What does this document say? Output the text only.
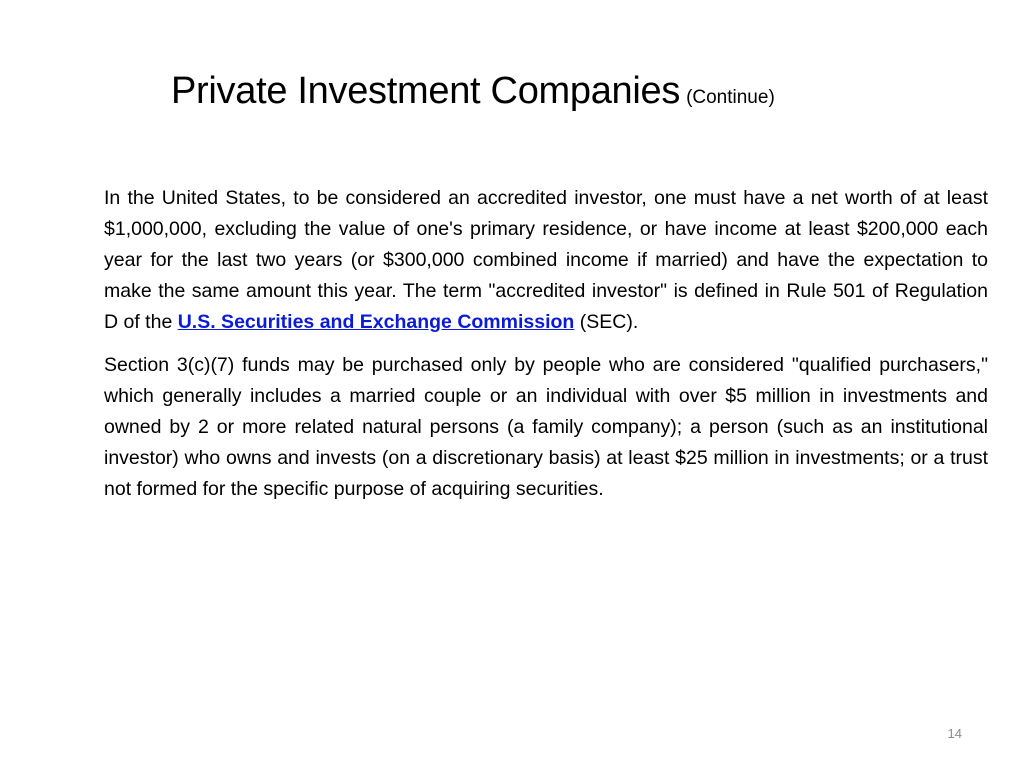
Private Investment Companies (Continue)

In the United States, to be considered an accredited investor, one must have a net worth of at least $1,000,000, excluding the value of one's primary residence, or have income at least $200,000 each year for the last two years (or $300,000 combined income if married) and have the expectation to make the same amount this year. The term "accredited investor" is defined in Rule 501 of Regulation D of the U.S. Securities and Exchange Commission (SEC).

Section 3(c)(7) funds may be purchased only by people who are considered "qualified purchasers," which generally includes a married couple or an individual with over $5 million in investments and owned by 2 or more related natural persons (a family company); a person (such as an institutional investor) who owns and invests (on a discretionary basis) at least $25 million in investments; or a trust not formed for the specific purpose of acquiring securities.

14
